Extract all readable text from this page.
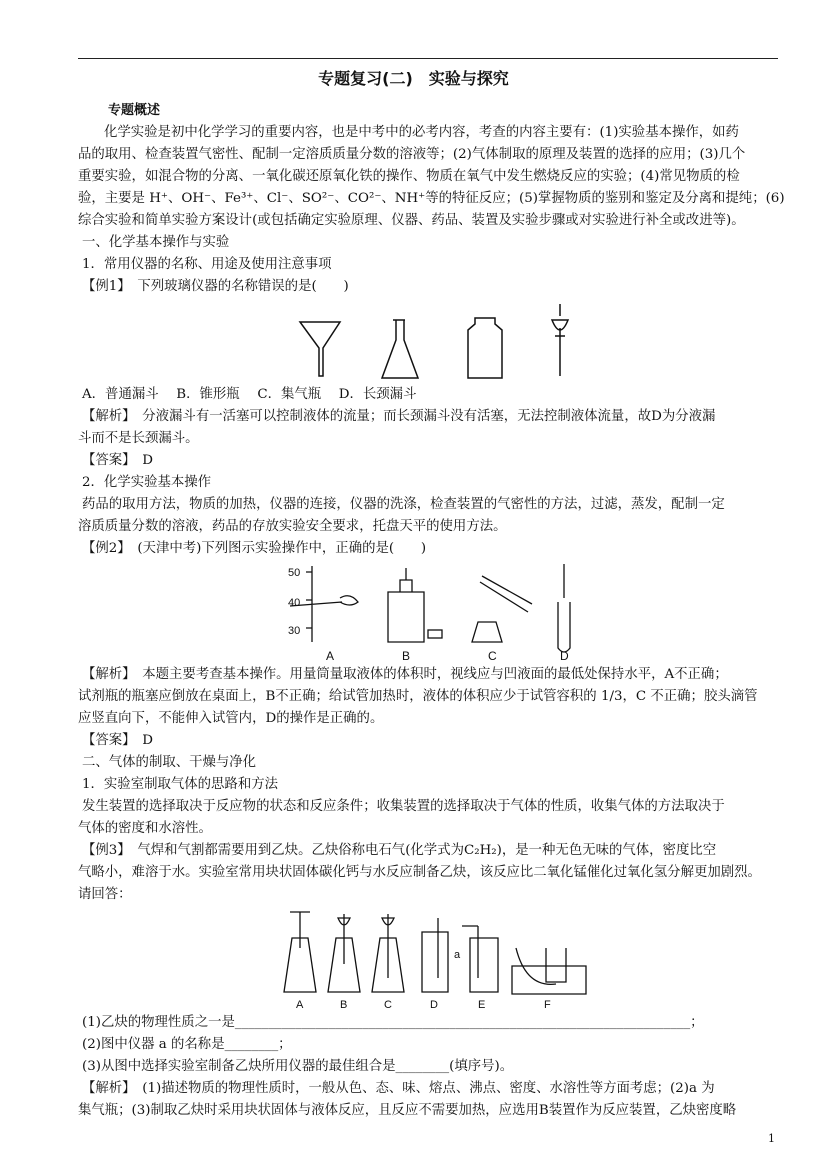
专题复习(二)　实验与探究
专题概述
化学实验是初中化学学习的重要内容，也是中考中的必考内容，考查的内容主要有：(1)实验基本操作，如药
品的取用、检查装置气密性、配制一定溶质质量分数的溶液等；(2)气体制取的原理及装置的选择的应用；(3)几个
重要实验，如混合物的分离、一氧化碳还原氧化铁的操作、物质在氧气中发生燃烧反应的实验；(4)常见物质的检
验，主要是 H⁺、OH⁻、Fe³⁺、Cl⁻、SO²⁻、CO²⁻、NH⁺等的特征反应；(5)掌握物质的鉴别和鉴定及分离和提纯；(6)
综合实验和简单实验方案设计(或包括确定实验原理、仪器、药品、装置及实验步骤或对实验进行补全或改进等)。
一、化学基本操作与实验
1．常用仪器的名称、用途及使用注意事项
【例1】　下列玻璃仪器的名称错误的是(　　)
A．普通漏斗　 B．锥形瓶　 C．集气瓶　 D．长颈漏斗
【解析】　分液漏斗有一活塞可以控制液体的流量；而长颈漏斗没有活塞，无法控制液体流量，故D为分液漏
斗而不是长颈漏斗。
【答案】　D
2．化学实验基本操作
药品的取用方法，物质的加热，仪器的连接，仪器的洗涤，检查装置的气密性的方法，过滤，蒸发，配制一定
溶质质量分数的溶液，药品的存放实验安全要求，托盘天平的使用方法。
【例2】　(天津中考)下列图示实验操作中，正确的是(　　)
50
40
30
A	B	C	D
【解析】　本题主要考查基本操作。用量筒量取液体的体积时，视线应与凹液面的最低处保持水平，A不正确；
试剂瓶的瓶塞应倒放在桌面上，B不正确；给试管加热时，液体的体积应少于试管容积的 1/3，C 不正确；胶头滴管
应竖直向下，不能伸入试管内，D的操作是正确的。
【答案】　D
二、气体的制取、干燥与净化
1．实验室制取气体的思路和方法
发生装置的选择取决于反应物的状态和反应条件；收集装置的选择取决于气体的性质，收集气体的方法取决于
气体的密度和水溶性。
【例3】　气焊和气割都需要用到乙炔。乙炔俗称电石气(化学式为C₂H₂)，是一种无色无味的气体，密度比空
气略小，难溶于水。实验室常用块状固体碳化钙与水反应制备乙炔，该反应比二氧化锰催化过氧化氢分解更加剧烈。
请回答：
a
A	B	C	D	E	F
(1)乙炔的物理性质之一是____________________________________________________________________；
(2)图中仪器 a 的名称是________；
(3)从图中选择实验室制备乙炔所用仪器的最佳组合是________(填序号)。
【解析】　(1)描述物质的物理性质时，一般从色、态、味、熔点、沸点、密度、水溶性等方面考虑；(2)a 为
集气瓶；(3)制取乙炔时采用块状固体与液体反应，且反应不需要加热，应选用B装置作为反应装置，乙炔密度略
1
